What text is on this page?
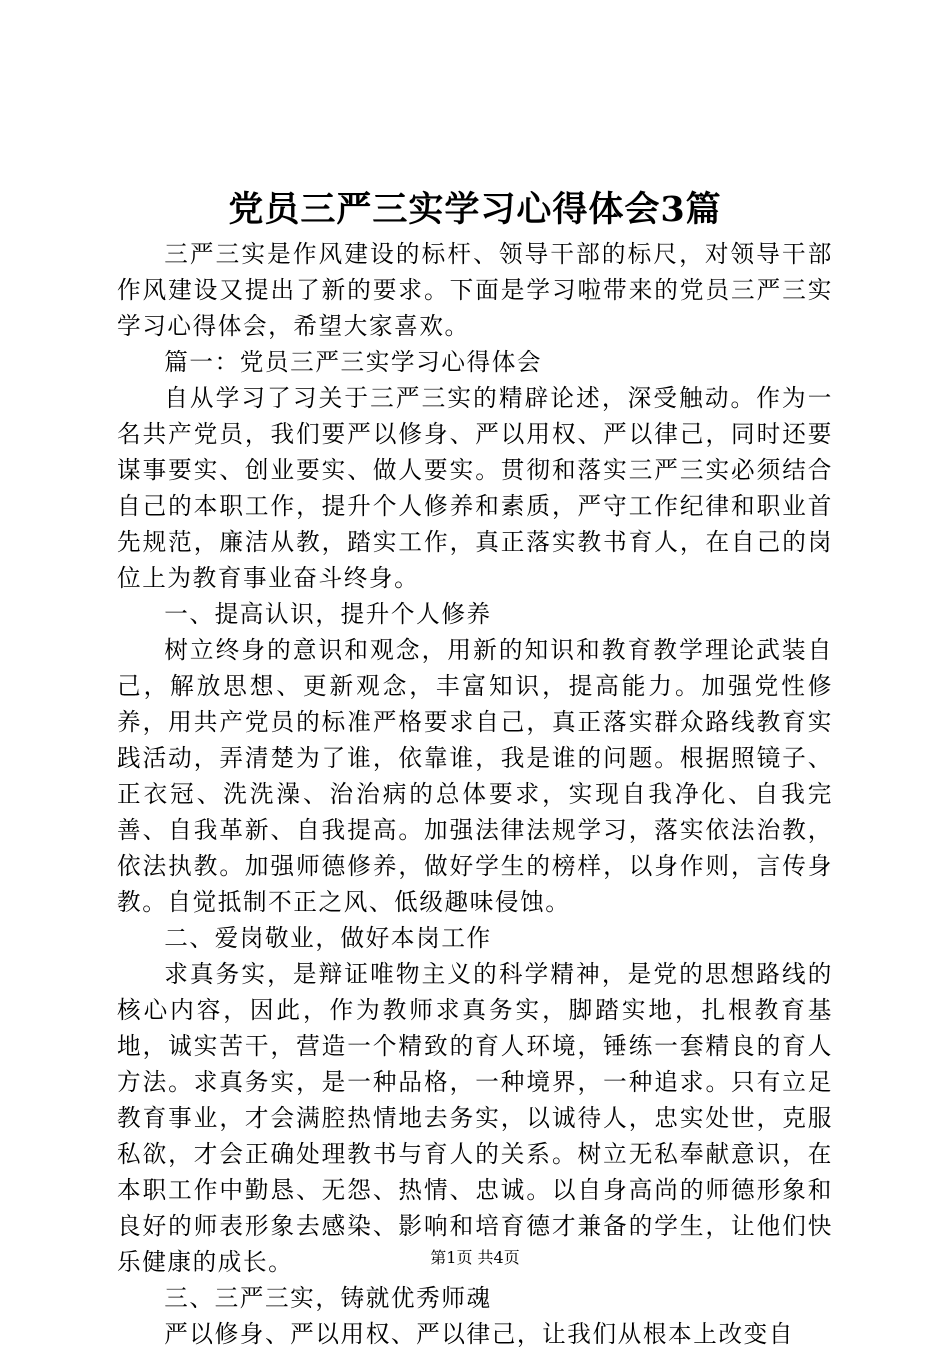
党员三严三实学习心得体会3篇

三严三实是作风建设的标杆、领导干部的标尺，对领导干部作风建设又提出了新的要求。下面是学习啦带来的党员三严三实学习心得体会，希望大家喜欢。

篇一：党员三严三实学习心得体会

自从学习了习关于三严三实的精辟论述，深受触动。作为一名共产党员，我们要严以修身、严以用权、严以律己，同时还要谋事要实、创业要实、做人要实。贯彻和落实三严三实必须结合自己的本职工作，提升个人修养和素质，严守工作纪律和职业首先规范，廉洁从教，踏实工作，真正落实教书育人，在自己的岗位上为教育事业奋斗终身。

一、提高认识，提升个人修养

树立终身的意识和观念，用新的知识和教育教学理论武装自己，解放思想、更新观念，丰富知识，提高能力。加强党性修养，用共产党员的标准严格要求自己，真正落实群众路线教育实践活动，弄清楚为了谁，依靠谁，我是谁的问题。根据照镜子、正衣冠、洗洗澡、治治病的总体要求，实现自我净化、自我完善、自我革新、自我提高。加强法律法规学习，落实依法治教，依法执教。加强师德修养，做好学生的榜样，以身作则，言传身教。自觉抵制不正之风、低级趣味侵蚀。

二、爱岗敬业，做好本岗工作

求真务实，是辩证唯物主义的科学精神，是党的思想路线的核心内容，因此，作为教师求真务实，脚踏实地，扎根教育基地，诚实苦干，营造一个精致的育人环境，锤练一套精良的育人方法。求真务实，是一种品格，一种境界，一种追求。只有立足教育事业，才会满腔热情地去务实，以诚待人，忠实处世，克服私欲，才会正确处理教书与育人的关系。树立无私奉献意识，在本职工作中勤恳、无怨、热情、忠诚。以自身高尚的师德形象和良好的师表形象去感染、影响和培育德才兼备的学生，让他们快乐健康的成长。

三、三严三实，铸就优秀师魂

严以修身、严以用权、严以律己，让我们从根本上改变自

第1页 共4页
